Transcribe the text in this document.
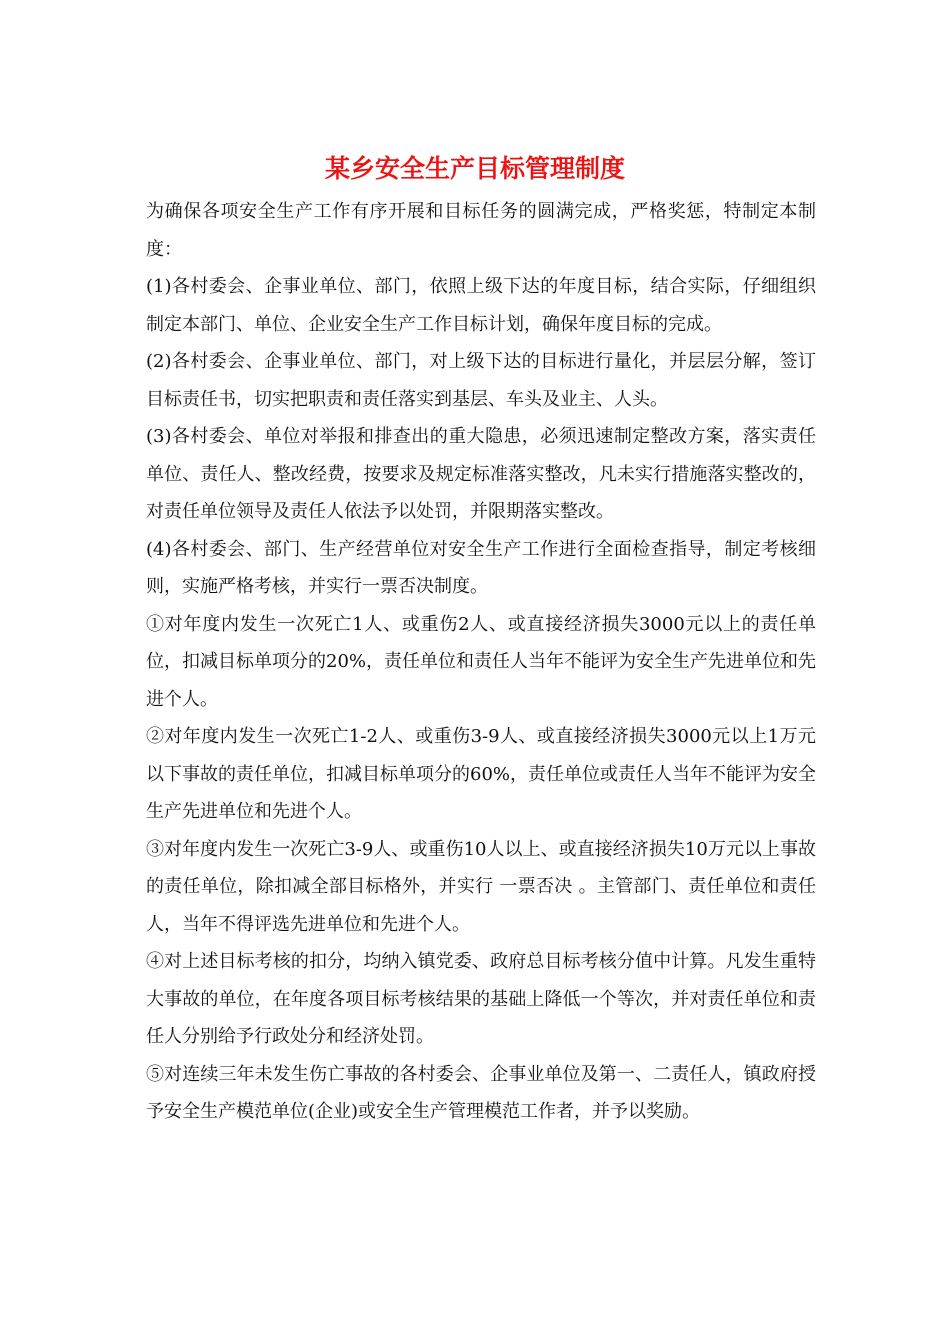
某乡安全生产目标管理制度

为确保各项安全生产工作有序开展和目标任务的圆满完成，严格奖惩，特制定本制度：

(1)各村委会、企事业单位、部门，依照上级下达的年度目标，结合实际，仔细组织制定本部门、单位、企业安全生产工作目标计划，确保年度目标的完成。

(2)各村委会、企事业单位、部门，对上级下达的目标进行量化，并层层分解，签订目标责任书，切实把职责和责任落实到基层、车头及业主、人头。

(3)各村委会、单位对举报和排查出的重大隐患，必须迅速制定整改方案，落实责任单位、责任人、整改经费，按要求及规定标准落实整改，凡未实行措施落实整改的，对责任单位领导及责任人依法予以处罚，并限期落实整改。

(4)各村委会、部门、生产经营单位对安全生产工作进行全面检查指导，制定考核细则，实施严格考核，并实行一票否决制度。

①对年度内发生一次死亡1人、或重伤2人、或直接经济损失3000元以上的责任单位，扣减目标单项分的20%，责任单位和责任人当年不能评为安全生产先进单位和先进个人。

②对年度内发生一次死亡1-2人、或重伤3-9人、或直接经济损失3000元以上1万元以下事故的责任单位，扣减目标单项分的60%，责任单位或责任人当年不能评为安全生产先进单位和先进个人。

③对年度内发生一次死亡3-9人、或重伤10人以上、或直接经济损失10万元以上事故的责任单位，除扣减全部目标格外，并实行 一票否决 。主管部门、责任单位和责任人，当年不得评选先进单位和先进个人。

④对上述目标考核的扣分，均纳入镇党委、政府总目标考核分值中计算。凡发生重特大事故的单位，在年度各项目标考核结果的基础上降低一个等次，并对责任单位和责任人分别给予行政处分和经济处罚。

⑤对连续三年未发生伤亡事故的各村委会、企事业单位及第一、二责任人，镇政府授予安全生产模范单位(企业)或安全生产管理模范工作者，并予以奖励。
